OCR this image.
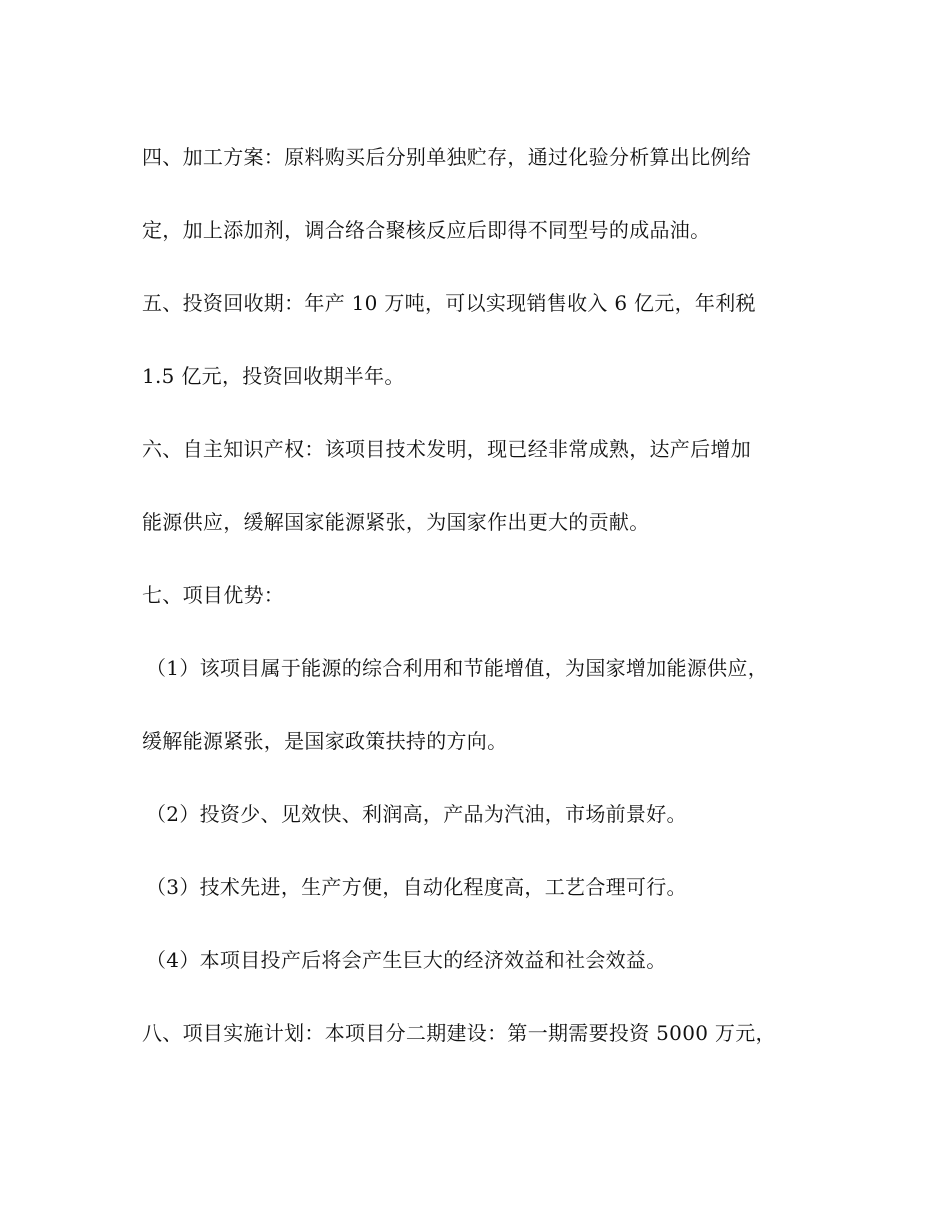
四、加工方案：原料购买后分别单独贮存，通过化验分析算出比例给
定，加上添加剂，调合络合聚核反应后即得不同型号的成品油。
五、投资回收期：年产 10 万吨，可以实现销售收入 6 亿元，年利税
1.5 亿元，投资回收期半年。
六、自主知识产权：该项目技术发明，现已经非常成熟，达产后增加
能源供应，缓解国家能源紧张，为国家作出更大的贡献。
七、项目优势：
（1）该项目属于能源的综合利用和节能增值，为国家增加能源供应，
缓解能源紧张，是国家政策扶持的方向。
（2）投资少、见效快、利润高，产品为汽油，市场前景好。
（3）技术先进，生产方便，自动化程度高，工艺合理可行。
（4）本项目投产后将会产生巨大的经济效益和社会效益。
八、项目实施计划：本项目分二期建设：第一期需要投资 5000 万元，
